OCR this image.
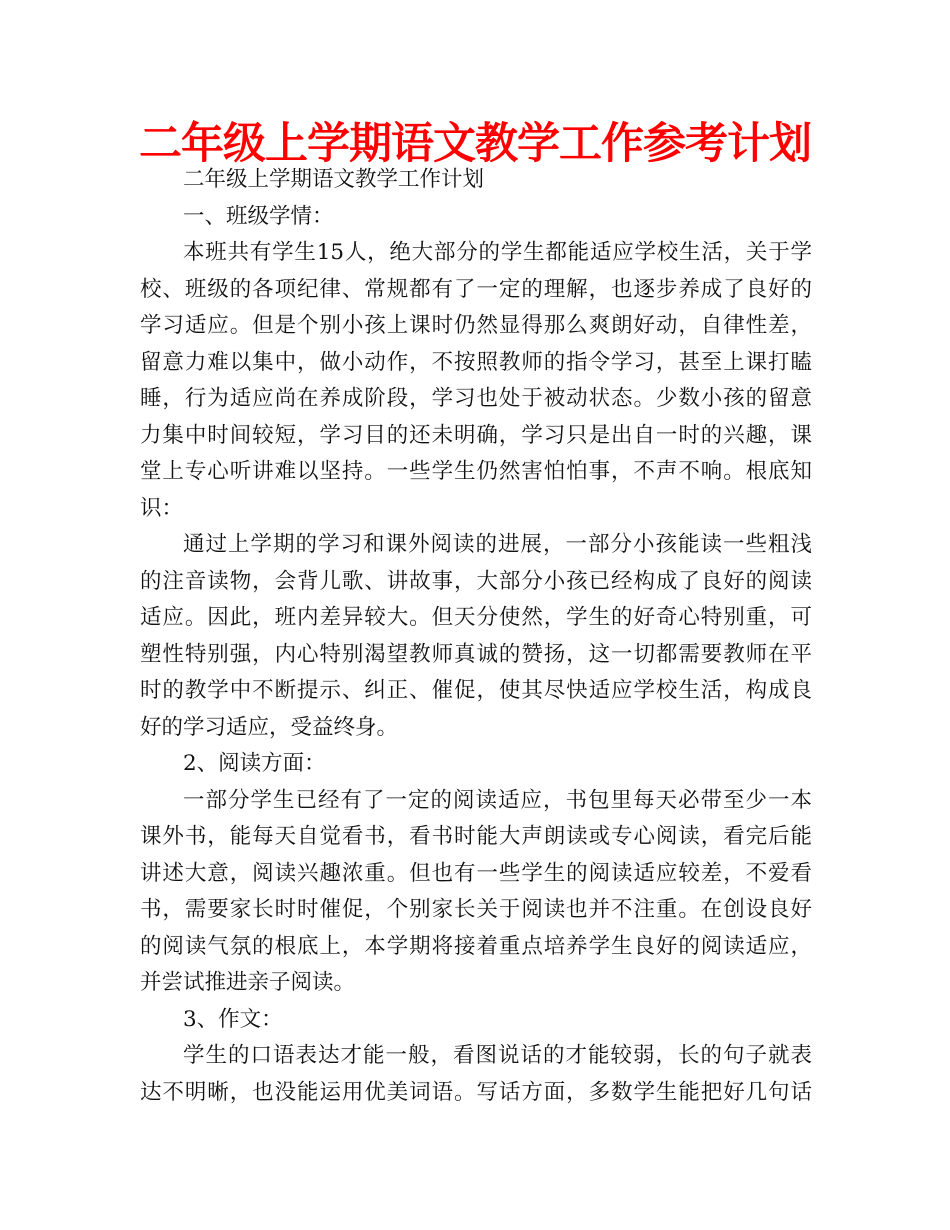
二年级上学期语文教学工作参考计划
二年级上学期语文教学工作计划
一、班级学情：
本班共有学生15人，绝大部分的学生都能适应学校生活，关于学
校、班级的各项纪律、常规都有了一定的理解，也逐步养成了良好的
学习适应。但是个别小孩上课时仍然显得那么爽朗好动，自律性差，
留意力难以集中，做小动作，不按照教师的指令学习，甚至上课打瞌
睡，行为适应尚在养成阶段，学习也处于被动状态。少数小孩的留意
力集中时间较短，学习目的还未明确，学习只是出自一时的兴趣，课
堂上专心听讲难以坚持。一些学生仍然害怕怕事，不声不响。根底知
识：
通过上学期的学习和课外阅读的进展，一部分小孩能读一些粗浅
的注音读物，会背儿歌、讲故事，大部分小孩已经构成了良好的阅读
适应。因此，班内差异较大。但天分使然，学生的好奇心特别重，可
塑性特别强，内心特别渴望教师真诚的赞扬，这一切都需要教师在平
时的教学中不断提示、纠正、催促，使其尽快适应学校生活，构成良
好的学习适应，受益终身。
2、阅读方面：
一部分学生已经有了一定的阅读适应，书包里每天必带至少一本
课外书，能每天自觉看书，看书时能大声朗读或专心阅读，看完后能
讲述大意，阅读兴趣浓重。但也有一些学生的阅读适应较差，不爱看
书，需要家长时时催促，个别家长关于阅读也并不注重。在创设良好
的阅读气氛的根底上，本学期将接着重点培养学生良好的阅读适应，
并尝试推进亲子阅读。
3、作文：
学生的口语表达才能一般，看图说话的才能较弱，长的句子就表
达不明晰，也没能运用优美词语。写话方面，多数学生能把好几句话
